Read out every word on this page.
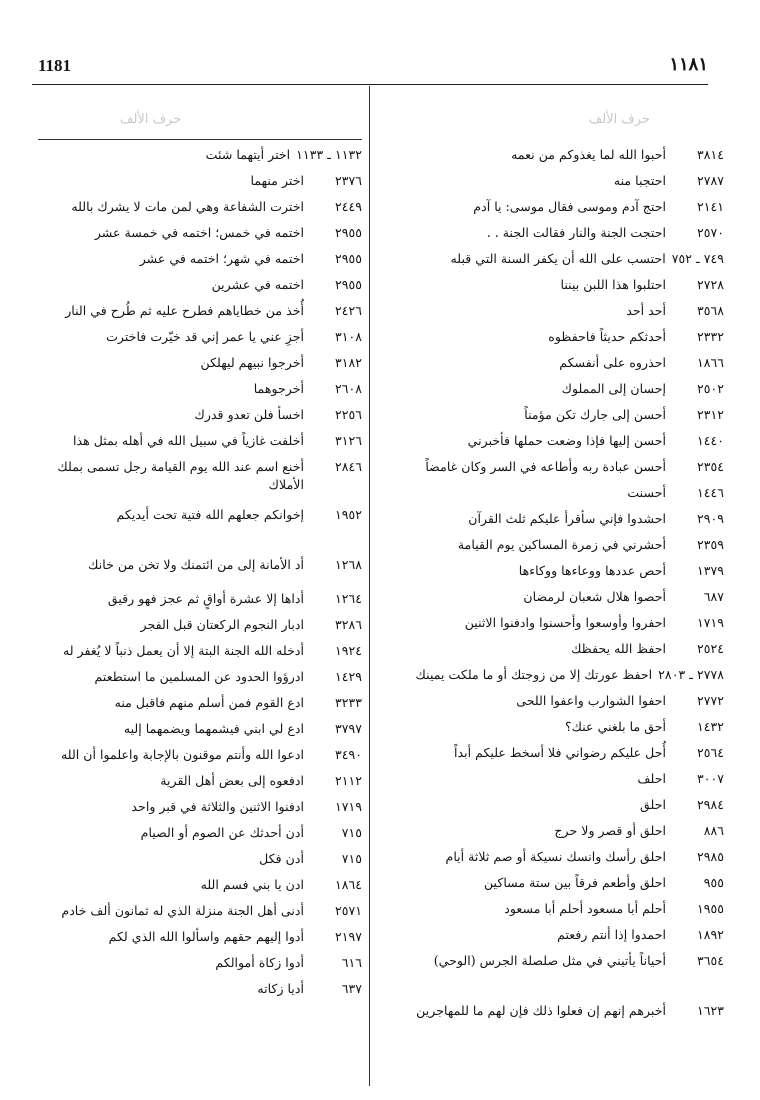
1181	١١٨١
حرف الألف
حرف الألف
٣٨١٤
أحبوا الله لما يغذوكم من نعمه
٢٧٨٧
احتجبا منه
٢١٤١
احتج آدم وموسى فقال موسى: يا آدم
٢٥٧٠
احتجت الجنة والنار فقالت الجنة . .
٧٤٩ ـ ٧٥٢
احتسب على الله أن يكفر السنة التي قبله
٢٧٢٨
احتلبوا هذا اللبن بيننا
٣٥٦٨
أحد أحد
٢٣٣٢
أحدثكم حديثاً فاحفظوه
١٨٦٦
احذروه على أنفسكم
٢٥٠٢
إحسان إلى المملوك
٢٣١٢
أحسن إلى جارك تكن مؤمناً
١٤٤٠
أحسن إليها فإذا وضعت حملها فأخبرني
٢٣٥٤
أحسن عبادة ربه وأطاعه في السر وكان غامضاً
١٤٤٦
أحسنت
٢٩٠٩
احشدوا فإني سأقرأ عليكم ثلث القرآن
٢٣٥٩
أحشرني في زمرة المساكين يوم القيامة
١٣٧٩
أحص عددها ووعاءها ووكاءها
٦٨٧
أحصوا هلال شعبان لرمضان
١٧١٩
احفروا وأوسعوا وأحسنوا وادفنوا الاثنين
٢٥٢٤
احفظ الله يحفظك
٢٧٧٨ ـ ٢٨٠٣
احفظ عورتك إلا من زوجتك أو ما ملكت يمينك
٢٧٧٢
احفوا الشوارب واعفوا اللحى
١٤٣٢
أحق ما بلغني عنك؟
٢٥٦٤
أُحل عليكم رضواني فلا أسخط عليكم أبداً
٣٠٠٧
احلف
٢٩٨٤
احلق
٨٨٦
احلق أو قصر ولا حرج
٢٩٨٥
احلق رأسك وانسك نسيكة أو صم ثلاثة أيام
٩٥٥
احلق وأطعم فرقاً بين ستة مساكين
١٩٥٥
أحلم أبا مسعود أحلم أبا مسعود
١٨٩٢
احمدوا إذا أنتم رفعتم
٣٦٥٤
أحياناً يأتيني في مثل صلصلة الجرس (الوحي)
١٦٢٣
أخبرهم إنهم إن فعلوا ذلك فإن لهم ما للمهاجرين
١١٣٢ ـ ١١٣٣
اختر أيتهما شئت
٢٣٧٦
اختر منهما
٢٤٤٩
اخترت الشفاعة وهي لمن مات لا يشرك بالله
٢٩٥٥
اختمه في خمس؛ اختمه في خمسة عشر
٢٩٥٥
اختمه في شهر؛ اختمه في عشر
٢٩٥٥
اختمه في عشرين
٢٤٢٦
أُخذ من خطاياهم فطرح عليه ثم طُرح في النار
٣١٠٨
أجزِ عني يا عمر إني قد خيّرت فاخترت
٣١٨٢
أخرجوا نبيهم ليهلكن
٢٦٠٨
أخرجوهما
٢٢٥٦
اخسأ فلن تعدو قدرك
٣١٢٦
أخلفت غازياً في سبيل الله في أهله بمثل هذا
٢٨٤٦
أخنع اسم عند الله يوم القيامة رجل تسمى بملك الأملاك
١٩٥٢
إخوانكم جعلهم الله فتية تحت أيديكم
١٢٦٨
أد الأمانة إلى من ائتمنك ولا تخن من خانك
١٢٦٤
أداها إلا عشرة أواقٍ ثم عجز فهو رقيق
٣٢٨٦
ادبار النجوم الركعتان قبل الفجر
١٩٢٤
أدخله الله الجنة البتة إلا أن يعمل ذنباً لا يُغفر له
١٤٢٩
ادرؤوا الحدود عن المسلمين ما استطعتم
٣٢٣٣
ادع القوم فمن أسلم منهم فاقبل منه
٣٧٩٧
ادع لي ابني فيشمهما ويضمهما إليه
٣٤٩٠
ادعوا الله وأنتم موقنون بالإجابة واعلموا أن الله
٢١١٢
ادفعوه إلى بعض أهل القرية
١٧١٩
ادفنوا الاثنين والثلاثة في قبر واحد
٧١٥
أدن أحدثك عن الصوم أو الصيام
٧١٥
أدن فكل
١٨٦٤
ادن يا بني فسم الله
٢٥٧١
أدنى أهل الجنة منزلة الذي له ثمانون ألف خادم
٢١٩٧
أدوا إليهم حقهم واسألوا الله الذي لكم
٦١٦
أدوا زكاة أموالكم
٦٣٧
أديا زكاته
